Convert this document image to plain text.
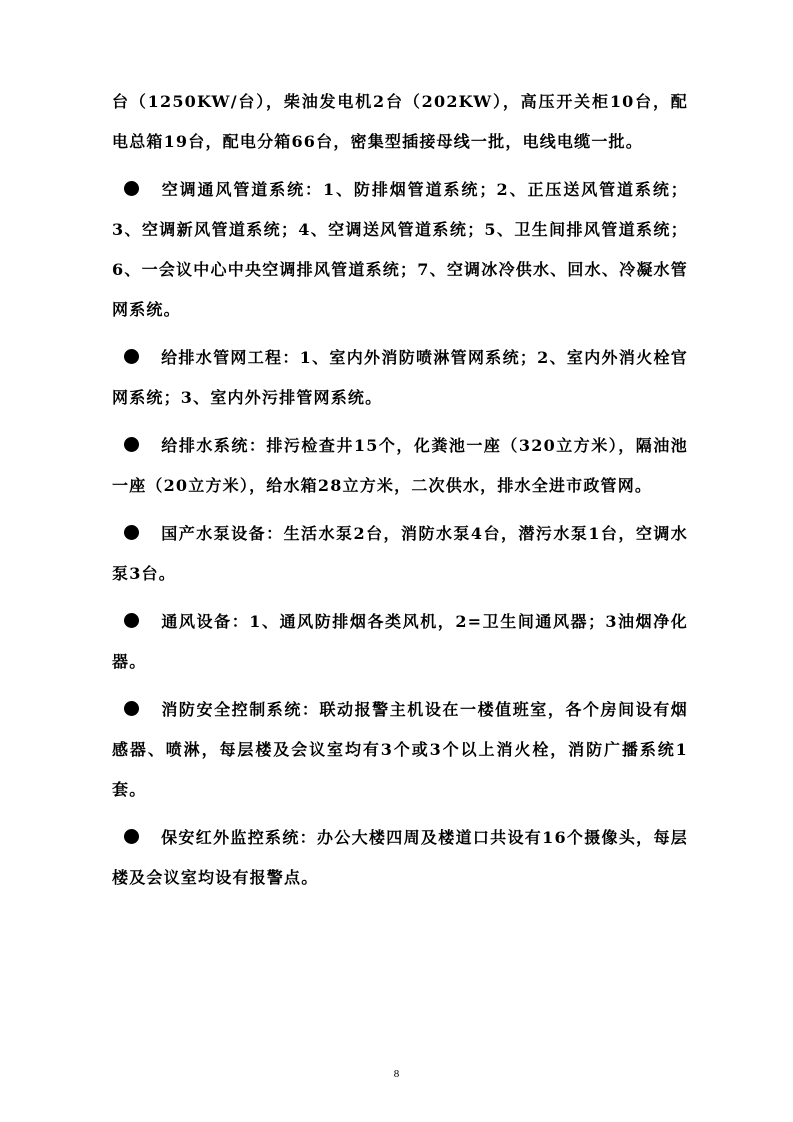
台（1250KW/台），柴油发电机2台（202KW），高压开关柜10台，配电总箱19台，配电分箱66台，密集型插接母线一批，电线电缆一批。

空调通风管道系统：1、防排烟管道系统；2、正压送风管道系统；3、空调新风管道系统；4、空调送风管道系统；5、卫生间排风管道系统；6、一会议中心中央空调排风管道系统；7、空调冰冷供水、回水、冷凝水管网系统。

给排水管网工程：1、室内外消防喷淋管网系统；2、室内外消火栓官网系统；3、室内外污排管网系统。

给排水系统：排污检查井15个，化粪池一座（320立方米），隔油池一座（20立方米），给水箱28立方米，二次供水，排水全进市政管网。

国产水泵设备：生活水泵2台，消防水泵4台，潜污水泵1台，空调水泵3台。

通风设备：1、通风防排烟各类风机，2=卫生间通风器；3油烟净化器。

消防安全控制系统：联动报警主机设在一楼值班室，各个房间设有烟感器、喷淋，每层楼及会议室均有3个或3个以上消火栓，消防广播系统1套。

保安红外监控系统：办公大楼四周及楼道口共设有16个摄像头，每层楼及会议室均设有报警点。

8
